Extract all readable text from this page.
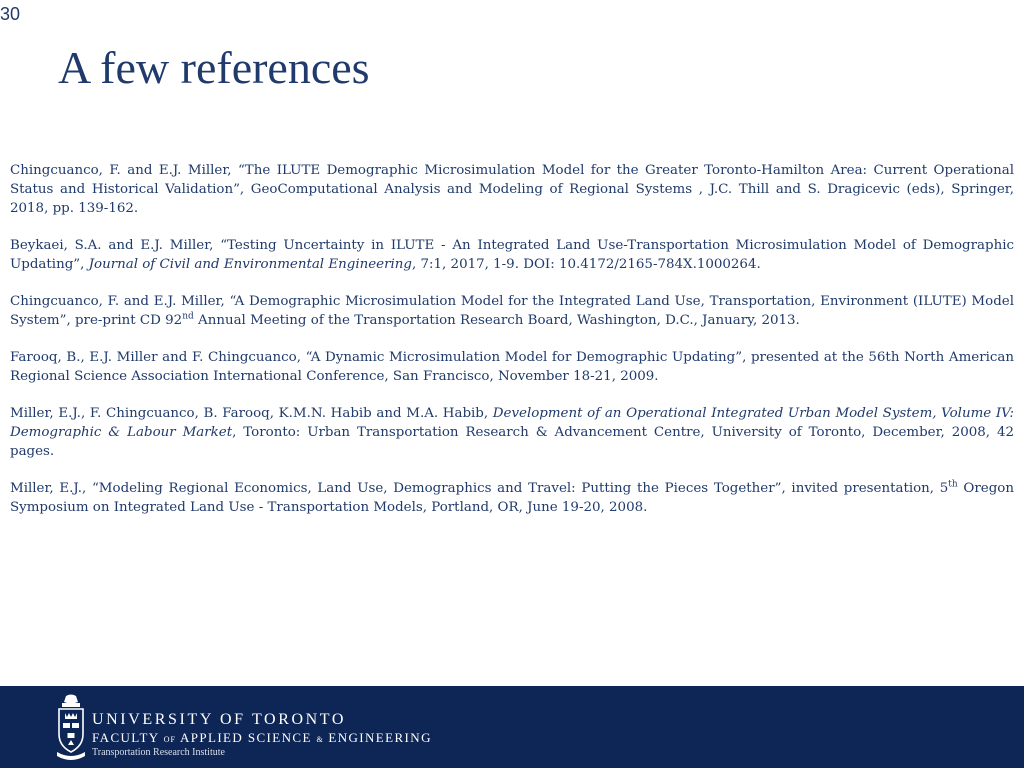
30
A few references

Chingcuanco, F. and E.J. Miller, “The ILUTE Demographic Microsimulation Model for the Greater Toronto-Hamilton Area: Current Operational Status and Historical Validation”, GeoComputational Analysis and Modeling of Regional Systems , J.C. Thill and S. Dragicevic (eds), Springer, 2018, pp. 139-162.

Beykaei, S.A. and E.J. Miller, “Testing Uncertainty in ILUTE - An Integrated Land Use-Transportation Microsimulation Model of Demographic Updating”, Journal of Civil and Environmental Engineering, 7:1, 2017, 1-9. DOI: 10.4172/2165-784X.1000264.

Chingcuanco, F. and E.J. Miller, “A Demographic Microsimulation Model for the Integrated Land Use, Transportation, Environment (ILUTE) Model System”, pre-print CD 92nd Annual Meeting of the Transportation Research Board, Washington, D.C., January, 2013.

Farooq, B., E.J. Miller and F. Chingcuanco, “A Dynamic Microsimulation Model for Demographic Updating”, presented at the 56th North American Regional Science Association International Conference, San Francisco, November 18-21, 2009.

Miller, E.J., F. Chingcuanco, B. Farooq, K.M.N. Habib and M.A. Habib, Development of an Operational Integrated Urban Model System, Volume IV: Demographic & Labour Market, Toronto: Urban Transportation Research & Advancement Centre, University of Toronto, December, 2008, 42 pages.

Miller, E.J., “Modeling Regional Economics, Land Use, Demographics and Travel: Putting the Pieces Together”, invited presentation, 5th Oregon Symposium on Integrated Land Use - Transportation Models, Portland, OR, June 19-20, 2008.

UNIVERSITY OF TORONTO
FACULTY OF APPLIED SCIENCE & ENGINEERING
Transportation Research Institute
